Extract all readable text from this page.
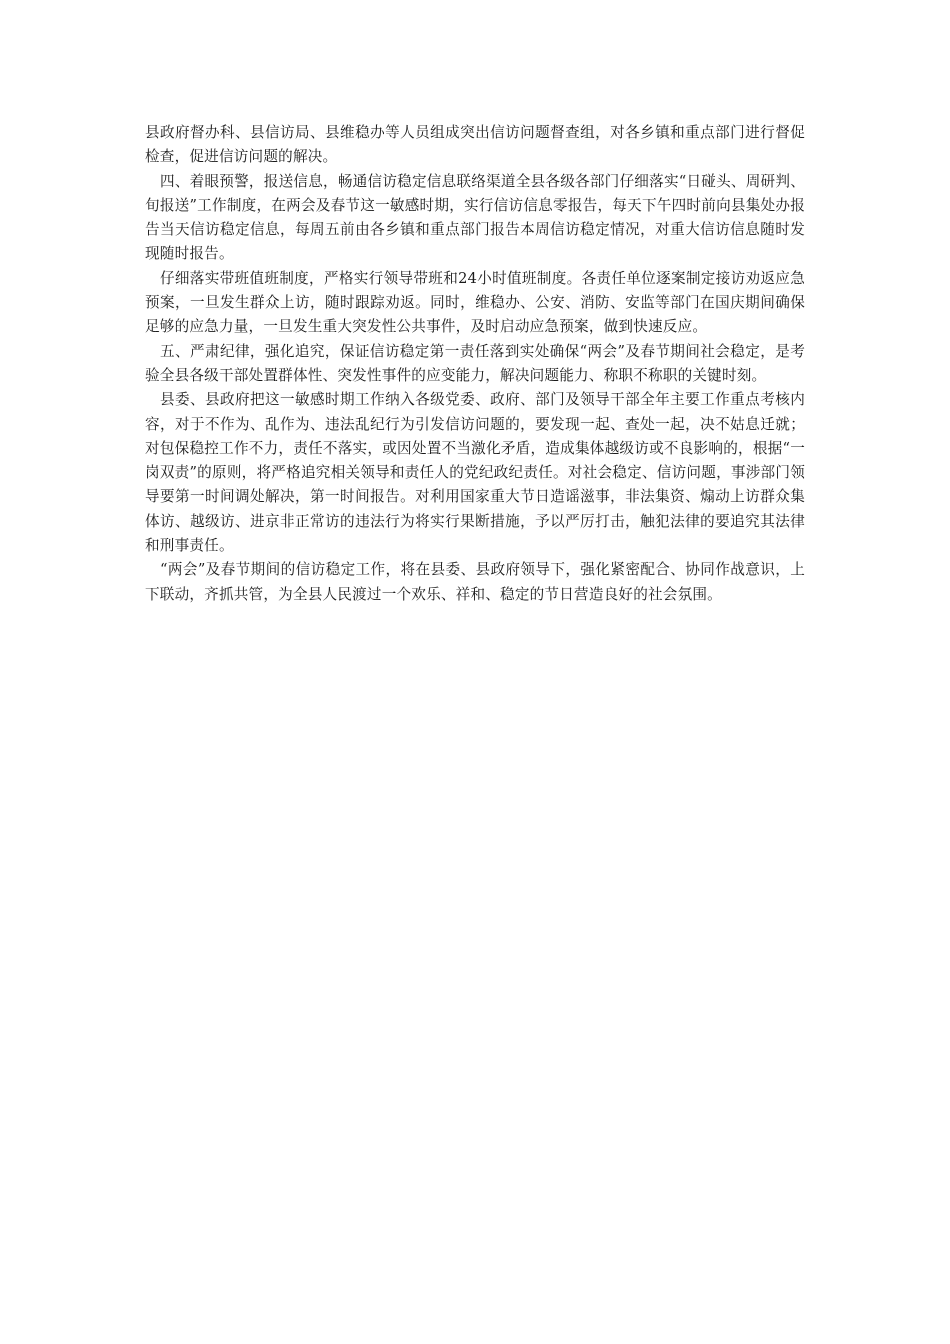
县政府督办科、县信访局、县维稳办等人员组成突出信访问题督查组，对各乡镇和重点部门进行督促检查，促进信访问题的解决。

四、着眼预警，报送信息，畅通信访稳定信息联络渠道全县各级各部门仔细落实“日碰头、周研判、旬报送”工作制度，在两会及春节这一敏感时期，实行信访信息零报告，每天下午四时前向县集处办报告当天信访稳定信息，每周五前由各乡镇和重点部门报告本周信访稳定情况，对重大信访信息随时发现随时报告。

仔细落实带班值班制度，严格实行领导带班和24小时值班制度。各责任单位逐案制定接访劝返应急预案，一旦发生群众上访，随时跟踪劝返。同时，维稳办、公安、消防、安监等部门在国庆期间确保足够的应急力量，一旦发生重大突发性公共事件，及时启动应急预案，做到快速反应。

五、严肃纪律，强化追究，保证信访稳定第一责任落到实处确保“两会”及春节期间社会稳定，是考验全县各级干部处置群体性、突发性事件的应变能力，解决问题能力、称职不称职的关键时刻。

县委、县政府把这一敏感时期工作纳入各级党委、政府、部门及领导干部全年主要工作重点考核内容，对于不作为、乱作为、违法乱纪行为引发信访问题的，要发现一起、查处一起，决不姑息迁就；对包保稳控工作不力，责任不落实，或因处置不当激化矛盾，造成集体越级访或不良影响的，根据“一岗双责”的原则，将严格追究相关领导和责任人的党纪政纪责任。对社会稳定、信访问题，事涉部门领导要第一时间调处解决，第一时间报告。对利用国家重大节日造谣滋事，非法集资、煽动上访群众集体访、越级访、进京非正常访的违法行为将实行果断措施，予以严厉打击，触犯法律的要追究其法律和刑事责任。

“两会”及春节期间的信访稳定工作，将在县委、县政府领导下，强化紧密配合、协同作战意识，上下联动，齐抓共管，为全县人民渡过一个欢乐、祥和、稳定的节日营造良好的社会氛围。
